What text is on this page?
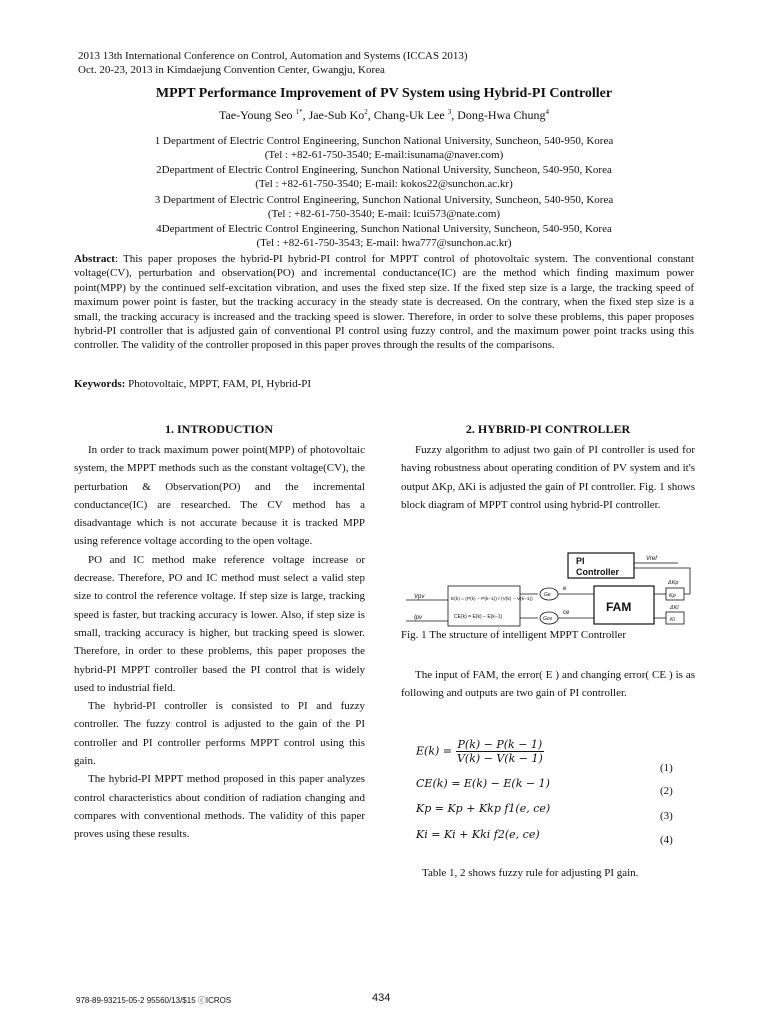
2013 13th International Conference on Control, Automation and Systems (ICCAS 2013)
Oct. 20-23, 2013 in Kimdaejung Convention Center, Gwangju, Korea
MPPT Performance Improvement of PV System using Hybrid-PI Controller
Tae-Young Seo $^{1*}$, Jae-Sub Ko$^2$, Chang-Uk Lee $^3$, Dong-Hwa Chung$^4$
1 Department of Electric Control Engineering, Sunchon National University, Suncheon, 540-950, Korea
(Tel : +82-61-750-3540; E-mail:isunama@naver.com)
2Department of Electric Control Engineering, Sunchon National University, Suncheon, 540-950, Korea
(Tel : +82-61-750-3540; E-mail: kokos22@sunchon.ac.kr)
3 Department of Electric Control Engineering, Sunchon National University, Suncheon, 540-950, Korea
(Tel : +82-61-750-3540; E-mail: lcui573@nate.com)
4Department of Electric Control Engineering, Sunchon National University, Suncheon, 540-950, Korea
(Tel : +82-61-750-3543; E-mail: hwa777@sunchon.ac.kr)
Abstract: This paper proposes the hybrid-PI hybrid-PI control for MPPT control of photovoltaic system. The conventional constant voltage(CV), perturbation and observation(PO) and incremental conductance(IC) are the method which finding maximum power point(MPP) by the continued self-excitation vibration, and uses the fixed step size. If the fixed step size is a large, the tracking speed of maximum power point is faster, but the tracking accuracy in the steady state is decreased. On the contrary, when the fixed step size is a small, the tracking accuracy is increased and the tracking speed is slower. Therefore, in order to solve these problems, this paper proposes hybrid-PI controller that is adjusted gain of conventional PI control using fuzzy control, and the maximum power point tracks using this controller. The validity of the controller proposed in this paper proves through the results of the comparisons.
Keywords: Photovoltaic, MPPT, FAM, PI, Hybrid-PI
1. INTRODUCTION

In order to track maximum power point(MPP) of photovoltaic system, the MPPT methods such as the constant voltage(CV), the perturbation & Observation(PO) and the incremental conductance(IC) are researched. The CV method has a disadvantage which is not accurate because it is tracked MPP using reference voltage according to the open voltage.

PO and IC method make reference voltage increase or decrease. Therefore, PO and IC method must select a valid step size to control the reference voltage. If step size is large, tracking speed is faster, but tracking accuracy is lower. Also, if step size is small, tracking accuracy is higher, but tracking speed is slower. Therefore, in order to these problems, this paper proposes the hybrid-PI MPPT controller based the PI control that is widely used to industrial field.

The hybrid-PI controller is consisted to PI and fuzzy controller. The fuzzy control is adjusted to the gain of the PI controller and PI controller performs MPPT control using this gain.

The hybrid-PI MPPT method proposed in this paper analyzes control characteristics about condition of radiation changing and compares with conventional methods. The validity of this paper proves using these results.

2. HYBRID-PI CONTROLLER

Fuzzy algorithm to adjust two gain of PI controller is used for having robustness about operating condition of PV system and it's output ΔKp, ΔKi is adjusted the gain of PI controller. Fig. 1 shows block diagram of MPPT control using hybrid-PI controller.

PI
Controller
Vref
Vpv
Ipv
E(k) = (P(k) − P(k−1)) / (V(k) − V(k−1))
CE(k) = E(k) − E(k−1)
Ge
e
Gce
ce	FAM
Kp
ΔKp
Ki
ΔKi
Fig. 1 The structure of intelligent MPPT Controller

The input of FAM, the error( E ) and changing error( CE ) is as following and outputs are two gain of PI controller.

$E(k) = \frac{P(k) - P(k - 1)}{V(k) - V(k - 1)}$
(1)
CE(k) = E(k) − E(k − 1)
(2)
Kp = Kp + Kkp f1(e, ce)
(3)
Ki = Ki + Kki f2(e, ce)	(4)
Table 1, 2 shows fuzzy rule for adjusting PI gain.
978-89-93215-05-2 95560/13/$15 ⓒICROS	434
